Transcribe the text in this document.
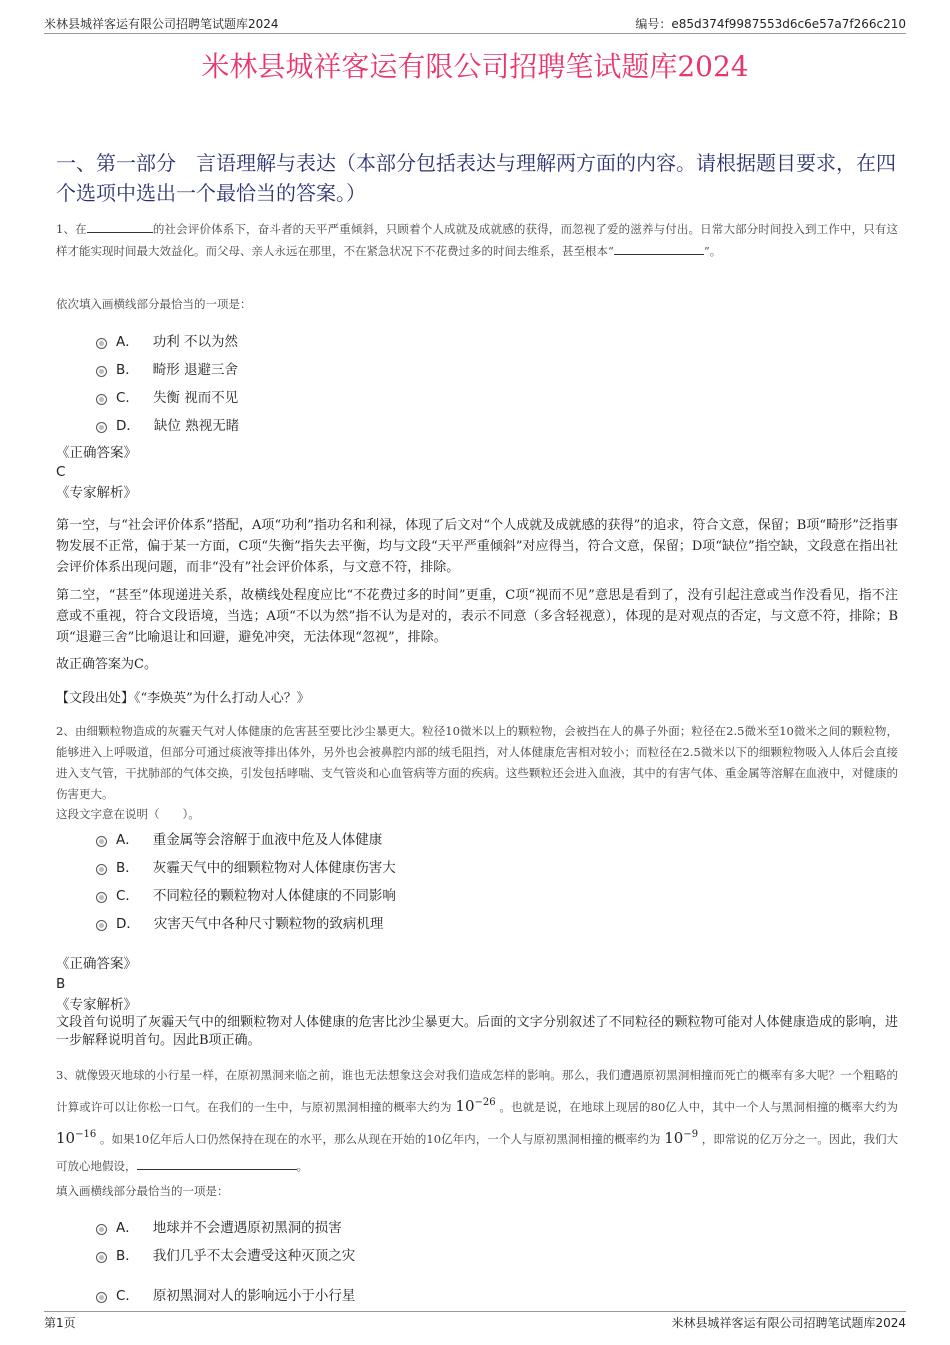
米林县城祥客运有限公司招聘笔试题库2024	编号：e85d374f9987553d6c6e57a7f266c210
米林县城祥客运有限公司招聘笔试题库2024
一、第一部分　言语理解与表达（本部分包括表达与理解两方面的内容。请根据题目要求，在四个选项中选出一个最恰当的答案。）
1、在	的社会评价体系下，奋斗者的天平严重倾斜，只顾着个人成就及成就感的获得，而忽视了爱的滋养与付出。日常大部分时间投入到工作中，只有这样才能实现时间最大效益化。而父母、亲人永远在那里，不在紧急状况下不花费过多的时间去维系，甚至根本“	”。
依次填入画横线部分最恰当的一项是：
A． 功利 不以为然
B． 畸形 退避三舍
C． 失衡 视而不见
D． 缺位 熟视无睹
《正确答案》
C
《专家解析》
第一空，与“社会评价体系”搭配，A项“功利”指功名和利禄，体现了后文对“个人成就及成就感的获得”的追求，符合文意，保留；B项“畸形”泛指事物发展不正常，偏于某一方面，C项“失衡”指失去平衡，均与文段“天平严重倾斜”对应得当，符合文意，保留；D项“缺位”指空缺，文段意在指出社会评价体系出现问题，而非“没有”社会评价体系，与文意不符，排除。
第二空，“甚至”体现递进关系，故横线处程度应比“不花费过多的时间”更重，C项“视而不见”意思是看到了，没有引起注意或当作没看见，指不注意或不重视，符合文段语境，当选；A项“不以为然”指不认为是对的，表示不同意（多含轻视意），体现的是对观点的否定，与文意不符，排除；B项“退避三舍”比喻退让和回避，避免冲突，无法体现“忽视”，排除。
故正确答案为C。
【文段出处】《“李焕英”为什么打动人心？》
2、由细颗粒物造成的灰霾天气对人体健康的危害甚至要比沙尘暴更大。粒径10微米以上的颗粒物，会被挡在人的鼻子外面；粒径在2.5微米至10微米之间的颗粒物，能够进入上呼吸道，但部分可通过痰液等排出体外，另外也会被鼻腔内部的绒毛阻挡，对人体健康危害相对较小；而粒径在2.5微米以下的细颗粒物吸入人体后会直接进入支气管，干扰肺部的气体交换，引发包括哮喘、支气管炎和心血管病等方面的疾病。这些颗粒还会进入血液，其中的有害气体、重金属等溶解在血液中，对健康的伤害更大。
这段文字意在说明（　　）。
A． 重金属等会溶解于血液中危及人体健康
B． 灰霾天气中的细颗粒物对人体健康伤害大
C． 不同粒径的颗粒物对人体健康的不同影响
D． 灾害天气中各种尺寸颗粒物的致病机理
《正确答案》
B
《专家解析》
文段首句说明了灰霾天气中的细颗粒物对人体健康的危害比沙尘暴更大。后面的文字分别叙述了不同粒径的颗粒物可能对人体健康造成的影响，进一步解释说明首句。因此B项正确。
3、就像毁灭地球的小行星一样，在原初黑洞来临之前，谁也无法想象这会对我们造成怎样的影响。那么，我们遭遇原初黑洞相撞而死亡的概率有多大呢？一个粗略的计算或许可以让你松一口气。在我们的一生中，与原初黑洞相撞的概率大约为 $10^{-26}$ 。也就是说，在地球上现居的80亿人中，其中一个人与黑洞相撞的概率大约为 $10^{-16}$ 。如果10亿年后人口仍然保持在现在的水平，那么从现在开始的10亿年内，一个人与原初黑洞相撞的概率约为 $10^{-9}$ ，即常说的亿万分之一。因此，我们大可放心地假设，	。
填入画横线部分最恰当的一项是：
A． 地球并不会遭遇原初黑洞的损害
B． 我们几乎不太会遭受这种灭顶之灾
C． 原初黑洞对人的影响远小于小行星
第1页	米林县城祥客运有限公司招聘笔试题库2024
